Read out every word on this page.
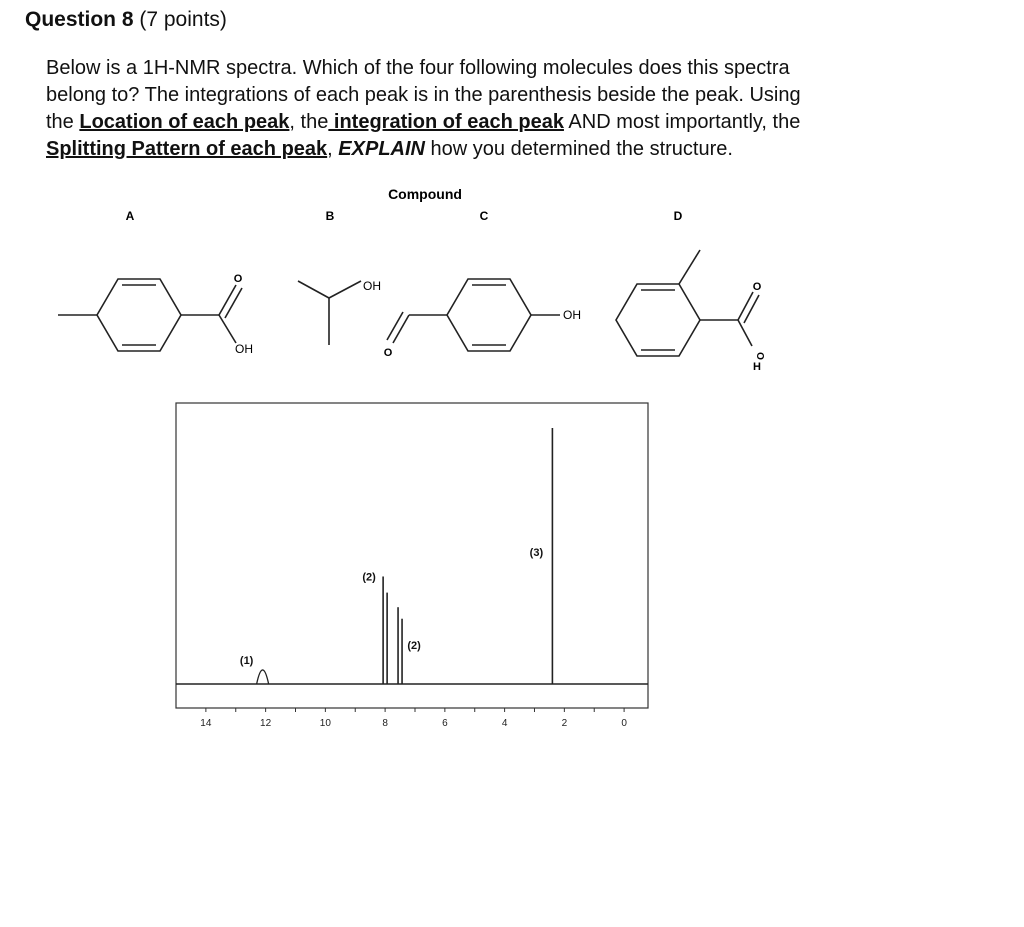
Question 8 (7 points)
Below is a 1H-NMR spectra. Which of the four following molecules does this spectra
belong to? The integrations of each peak is in the parenthesis beside the peak. Using
the Location of each peak, the integration of each peak AND most importantly, the
Splitting Pattern of each peak, EXPLAIN how you determined the structure.
Compound
A	B	C	D
O
OH
OH
O
OH
O
O
H
(1)
(2)
(2)
(3)
14	12	10	8	6	4	2	0
